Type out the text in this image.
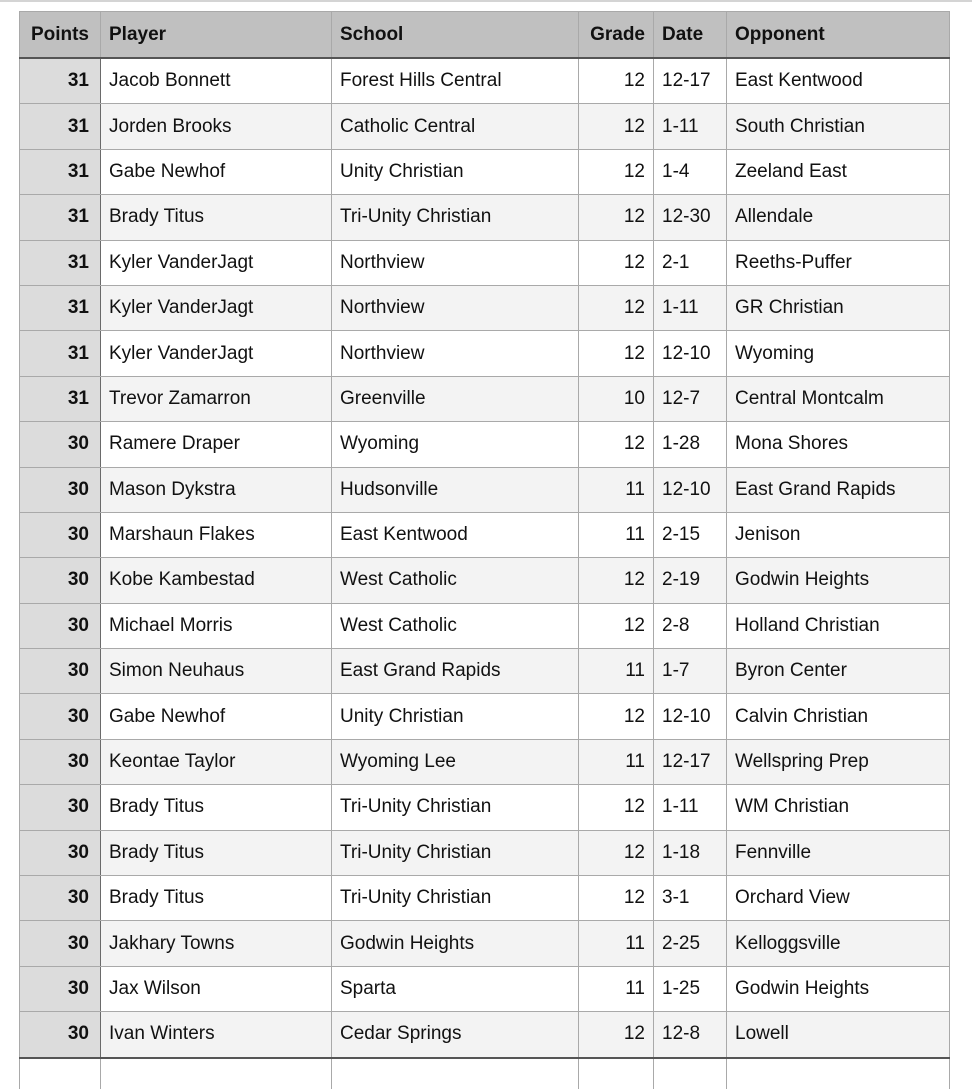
Points	Player	School	Grade	Date	Opponent
31	Jacob Bonnett	Forest Hills Central	12	12-17	East Kentwood
31	Jorden Brooks	Catholic Central	12	1-11	South Christian
31	Gabe Newhof	Unity Christian	12	1-4	Zeeland East
31	Brady Titus	Tri-Unity Christian	12	12-30	Allendale
31	Kyler VanderJagt	Northview	12	2-1	Reeths-Puffer
31	Kyler VanderJagt	Northview	12	1-11	GR Christian
31	Kyler VanderJagt	Northview	12	12-10	Wyoming
31	Trevor Zamarron	Greenville	10	12-7	Central Montcalm
30	Ramere Draper	Wyoming	12	1-28	Mona Shores
30	Mason Dykstra	Hudsonville	11	12-10	East Grand Rapids
30	Marshaun Flakes	East Kentwood	11	2-15	Jenison
30	Kobe Kambestad	West Catholic	12	2-19	Godwin Heights
30	Michael Morris	West Catholic	12	2-8	Holland Christian
30	Simon Neuhaus	East Grand Rapids	11	1-7	Byron Center
30	Gabe Newhof	Unity Christian	12	12-10	Calvin Christian
30	Keontae Taylor	Wyoming Lee	11	12-17	Wellspring Prep
30	Brady Titus	Tri-Unity Christian	12	1-11	WM Christian
30	Brady Titus	Tri-Unity Christian	12	1-18	Fennville
30	Brady Titus	Tri-Unity Christian	12	3-1	Orchard View
30	Jakhary Towns	Godwin Heights	11	2-25	Kelloggsville
30	Jax Wilson	Sparta	11	1-25	Godwin Heights
30	Ivan Winters	Cedar Springs	12	12-8	Lowell
